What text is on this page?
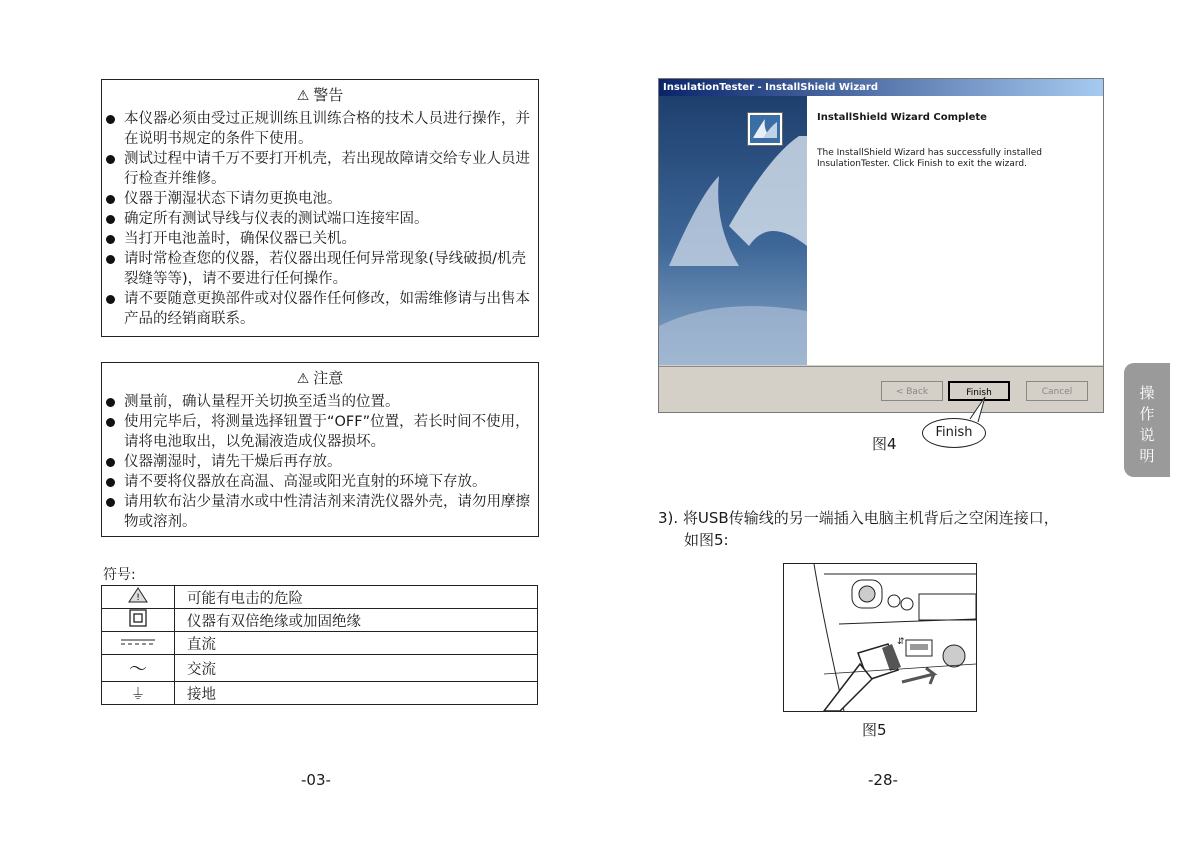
⚠ 警告
本仪器必须由受过正规训练且训练合格的技术人员进行操作，并在说明书规定的条件下使用。
测试过程中请千万不要打开机壳，若出现故障请交给专业人员进行检查并维修。
仪器于潮湿状态下请勿更换电池。
确定所有测试导线与仪表的测试端口连接牢固。
当打开电池盖时，确保仪器已关机。
请时常检查您的仪器，若仪器出现任何异常现象(导线破损/机壳裂缝等等)，请不要进行任何操作。
请不要随意更换部件或对仪器作任何修改，如需维修请与出售本产品的经销商联系。
⚠ 注意
测量前，确认量程开关切换至适当的位置。
使用完毕后，将测量选择钮置于“OFF”位置，若长时间不使用，请将电池取出，以免漏液造成仪器损坏。
仪器潮湿时，请先干燥后再存放。
请不要将仪器放在高温、高湿或阳光直射的环境下存放。
请用软布沾少量清水或中性清洁剂来清洗仪器外壳，请勿用摩擦物或溶剂。
符号:
!	可能有电击的危险
	仪器有双倍绝缘或加固绝缘
	直流
～	交流
⏚	接地
-03-
InsulationTester - InstallShield Wizard
InstallShield Wizard Complete
The InstallShield Wizard has successfully installed InsulationTester. Click Finish to exit the wizard.
< Back	Finish	Cancel
Finish
图4
3). 将USB传输线的另一端插入电脑主机背后之空闲连接口，
如图5:
⇵
图5
-28-
操
作
说
明
